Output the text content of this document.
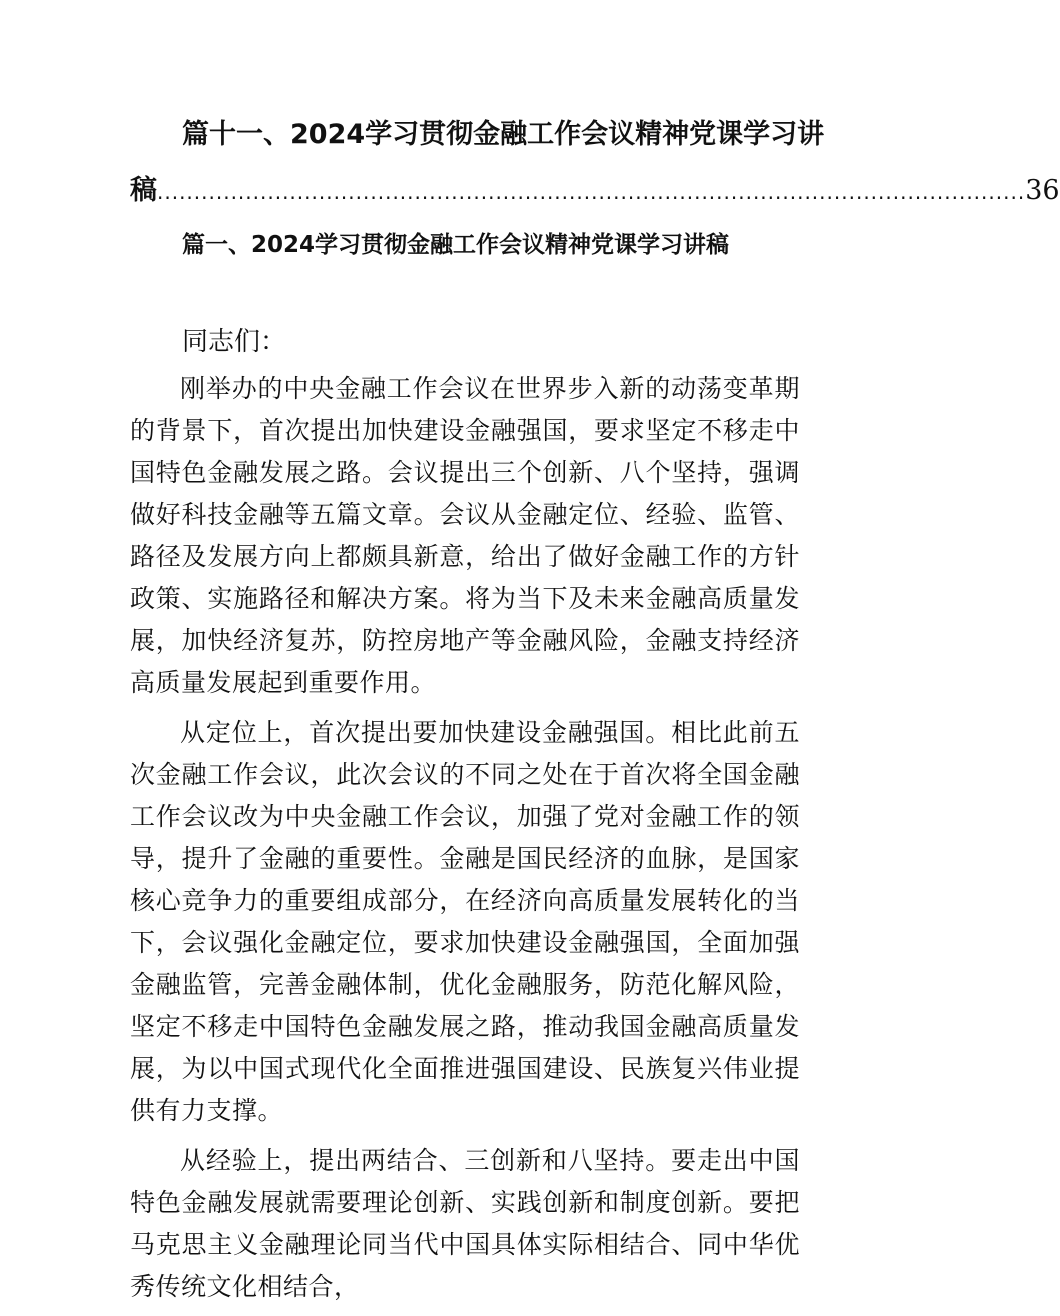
篇十一、2024学习贯彻金融工作会议精神党课学习讲
稿 ...................................................................................................................... 36
篇一、2024学习贯彻金融工作会议精神党课学习讲稿
同志们：

刚举办的中央金融工作会议在世界步入新的动荡变革期的背景下，首次提出加快建设金融强国，要求坚定不移走中国特色金融发展之路。会议提出三个创新、八个坚持，强调做好科技金融等五篇文章。会议从金融定位、经验、监管、路径及发展方向上都颇具新意，给出了做好金融工作的方针政策、实施路径和解决方案。将为当下及未来金融高质量发展，加快经济复苏，防控房地产等金融风险，金融支持经济高质量发展起到重要作用。

从定位上，首次提出要加快建设金融强国。相比此前五次金融工作会议，此次会议的不同之处在于首次将全国金融工作会议改为中央金融工作会议，加强了党对金融工作的领导，提升了金融的重要性。金融是国民经济的血脉，是国家核心竞争力的重要组成部分，在经济向高质量发展转化的当下，会议强化金融定位，要求加快建设金融强国，全面加强金融监管，完善金融体制，优化金融服务，防范化解风险，坚定不移走中国特色金融发展之路，推动我国金融高质量发展，为以中国式现代化全面推进强国建设、民族复兴伟业提供有力支撑。

从经验上，提出两结合、三创新和八坚持。要走出中国特色金融发展就需要理论创新、实践创新和制度创新。要把马克思主义金融理论同当代中国具体实际相结合、同中华优秀传统文化相结合，
